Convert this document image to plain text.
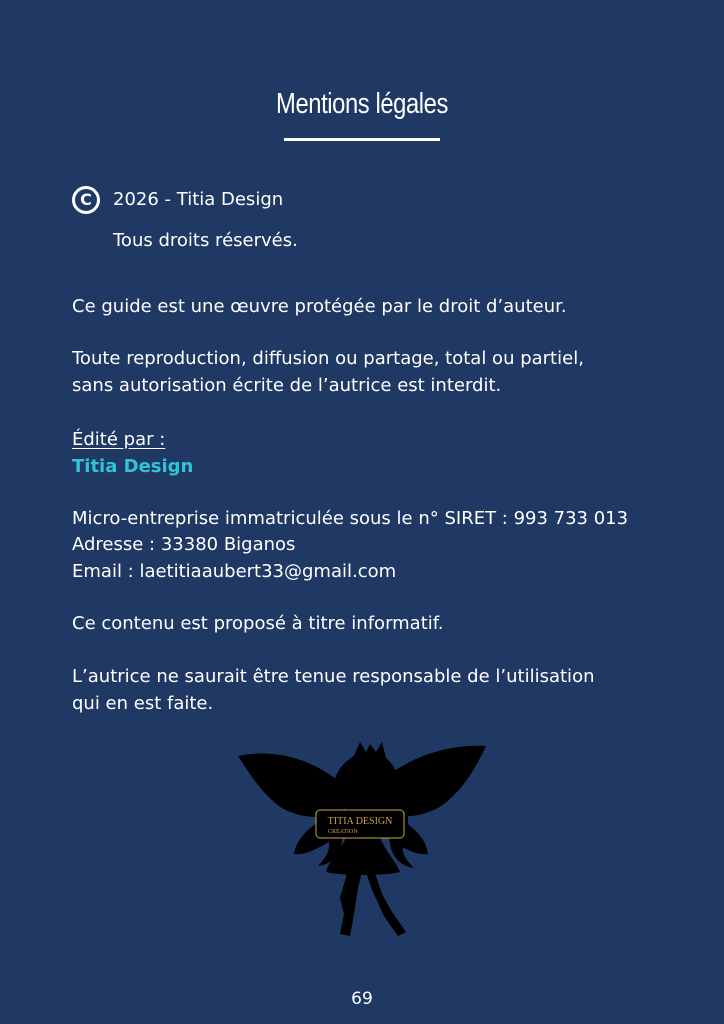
Mentions légales
C	2026 - Titia Design
Tous droits réservés.
Ce guide est une œuvre protégée par le droit d’auteur.
Toute reproduction, diffusion ou partage, total ou partiel,
sans autorisation écrite de l’autrice est interdit.
Édité par :
Titia Design
Micro-entreprise immatriculée sous le n° SIRET : 993 733 013
Adresse : 33380 Biganos
Email : laetitiaaubert33@gmail.com
Ce contenu est proposé à titre informatif.
L’autrice ne saurait être tenue responsable de l’utilisation
qui en est faite.
TITIA DESIGN
CREATION
69
